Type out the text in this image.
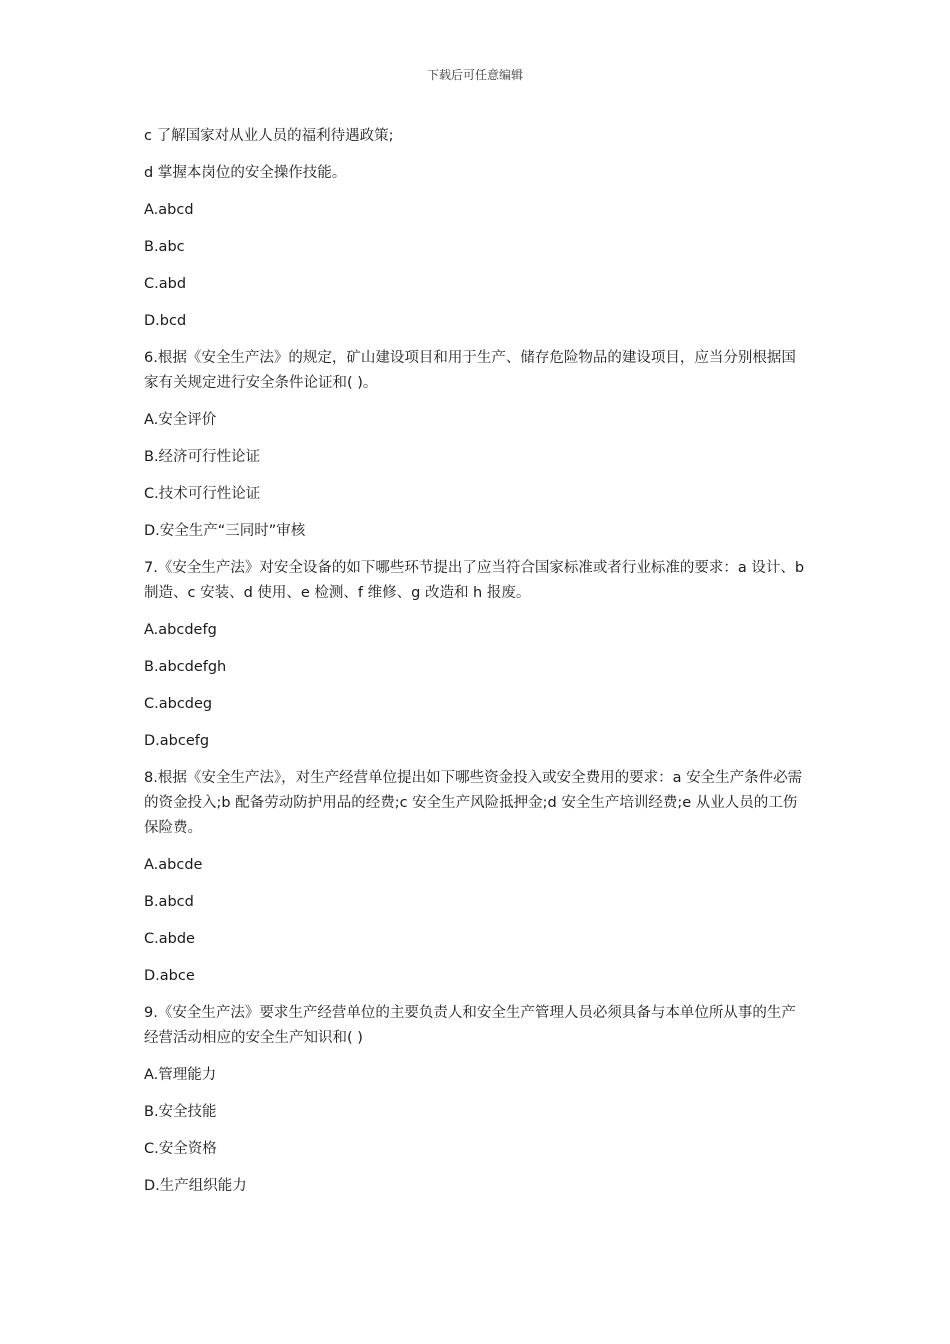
下载后可任意编辑

c 了解国家对从业人员的福利待遇政策;

d 掌握本岗位的安全操作技能。

A.abcd

B.abc

C.abd

D.bcd

6.根据《安全生产法》的规定，矿山建设项目和用于生产、储存危险物品的建设项目，应当分别根据国家有关规定进行安全条件论证和( )。

A.安全评价

B.经济可行性论证

C.技术可行性论证

D.安全生产“三同时”审核

7.《安全生产法》对安全设备的如下哪些环节提出了应当符合国家标准或者行业标准的要求：a 设计、b 制造、c 安装、d 使用、e 检测、f 维修、g 改造和 h 报废。

A.abcdefg

B.abcdefgh

C.abcdeg

D.abcefg

8.根据《安全生产法》，对生产经营单位提出如下哪些资金投入或安全费用的要求：a 安全生产条件必需的资金投入;b 配备劳动防护用品的经费;c 安全生产风险抵押金;d 安全生产培训经费;e 从业人员的工伤保险费。

A.abcde

B.abcd

C.abde

D.abce

9.《安全生产法》要求生产经营单位的主要负责人和安全生产管理人员必须具备与本单位所从事的生产经营活动相应的安全生产知识和( )

A.管理能力

B.安全技能

C.安全资格

D.生产组织能力
